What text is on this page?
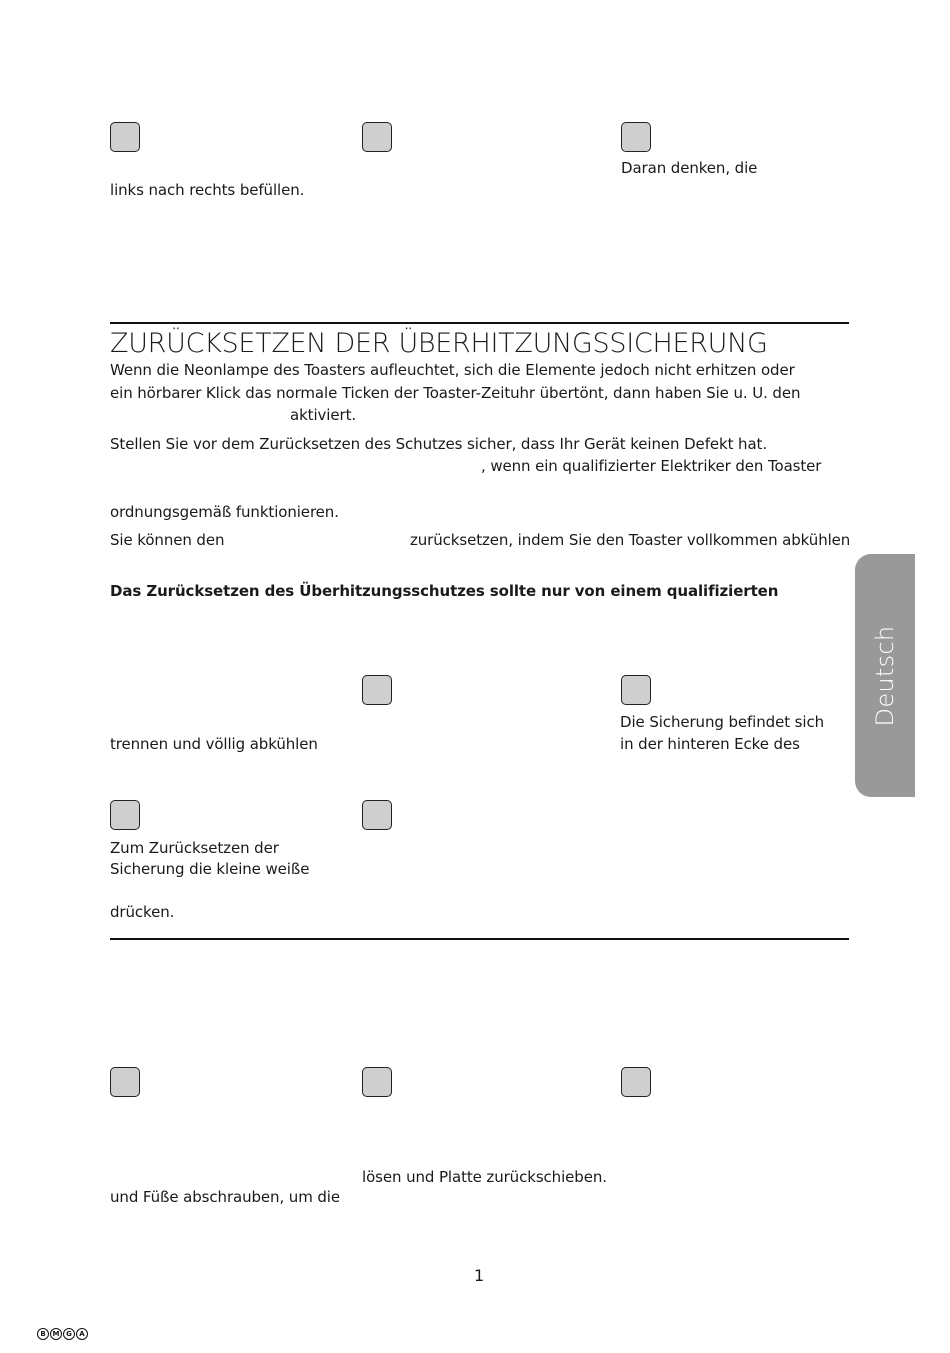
Daran denken, die
links nach rechts befüllen.
ZURÜCKSETZEN DER ÜBERHITZUNGSSICHERUNG
Wenn die Neonlampe des Toasters aufleuchtet, sich die Elemente jedoch nicht erhitzen oder
ein hörbarer Klick das normale Ticken der Toaster-Zeituhr übertönt, dann haben Sie u. U. den
aktiviert.
Stellen Sie vor dem Zurücksetzen des Schutzes sicher, dass Ihr Gerät keinen Defekt hat.
, wenn ein qualifizierter Elektriker den Toaster
ordnungsgemäß funktionieren.
Sie können den	zurücksetzen, indem Sie den Toaster vollkommen abkühlen
Das Zurücksetzen des Überhitzungsschutzes sollte nur von einem qualifizierten
Die Sicherung befindet sich
trennen und völlig abkühlen	in der hinteren Ecke des
Zum Zurücksetzen der
Sicherung die kleine weiße
drücken.
lösen und Platte zurückschieben.
und Füße abschrauben, um die
Deutsch
1
B M G	A
